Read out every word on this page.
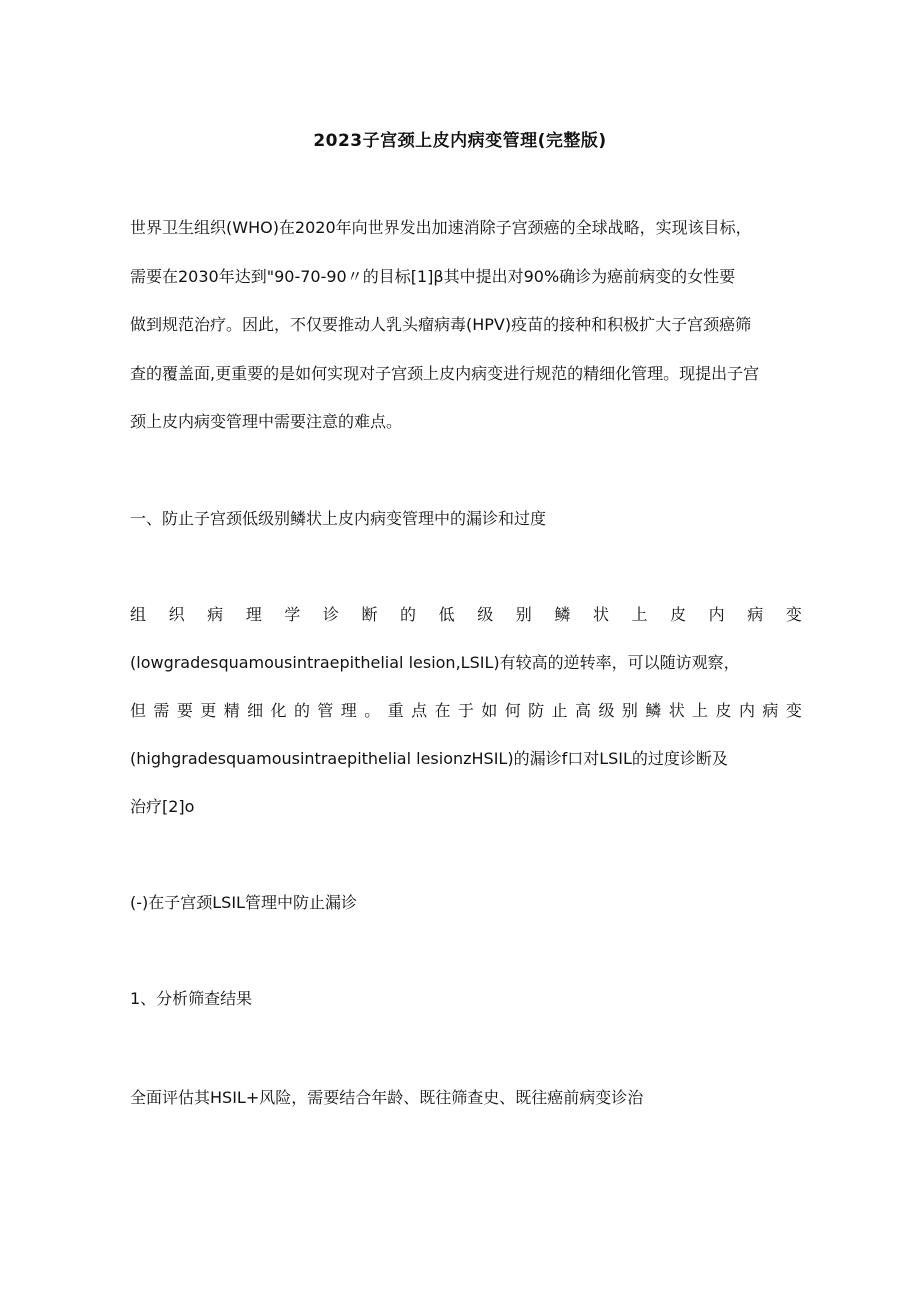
2023子宫颈上皮内病变管理(完整版)
世界卫生组织(WHO)在2020年向世界发出加速消除子宫颈癌的全球战略，实现该目标，
需要在2030年达到"90-70-90〃的目标[1]β其中提出对90%确诊为癌前病变的女性要
做到规范治疗。因此，不仅要推动人乳头瘤病毒(HPV)疫苗的接种和积极扩大子宫颈癌筛
查的覆盖面,更重要的是如何实现对子宫颈上皮内病变进行规范的精细化管理。现提出子宫
颈上皮内病变管理中需要注意的难点。
一、防止子宫颈低级别鳞状上皮内病变管理中的漏诊和过度
组 织 病 理 学 诊 断 的 低 级 别 鳞 状 上 皮 内 病 变
(lowgradesquamousintraepithelial lesion,LSIL)有较高的逆转率，可以随访观察，
但 需 要 更 精 细 化 的 管 理 。 重 点 在 于 如 何 防 止 高 级 别 鳞 状 上 皮 内 病 变
(highgradesquamousintraepithelial lesionzHSIL)的漏诊f口对LSIL的过度诊断及
治疗[2]o
(-)在子宫颈LSIL管理中防止漏诊
1、分析筛查结果
全面评估其HSIL+风险，需要结合年龄、既往筛查史、既往癌前病变诊治
